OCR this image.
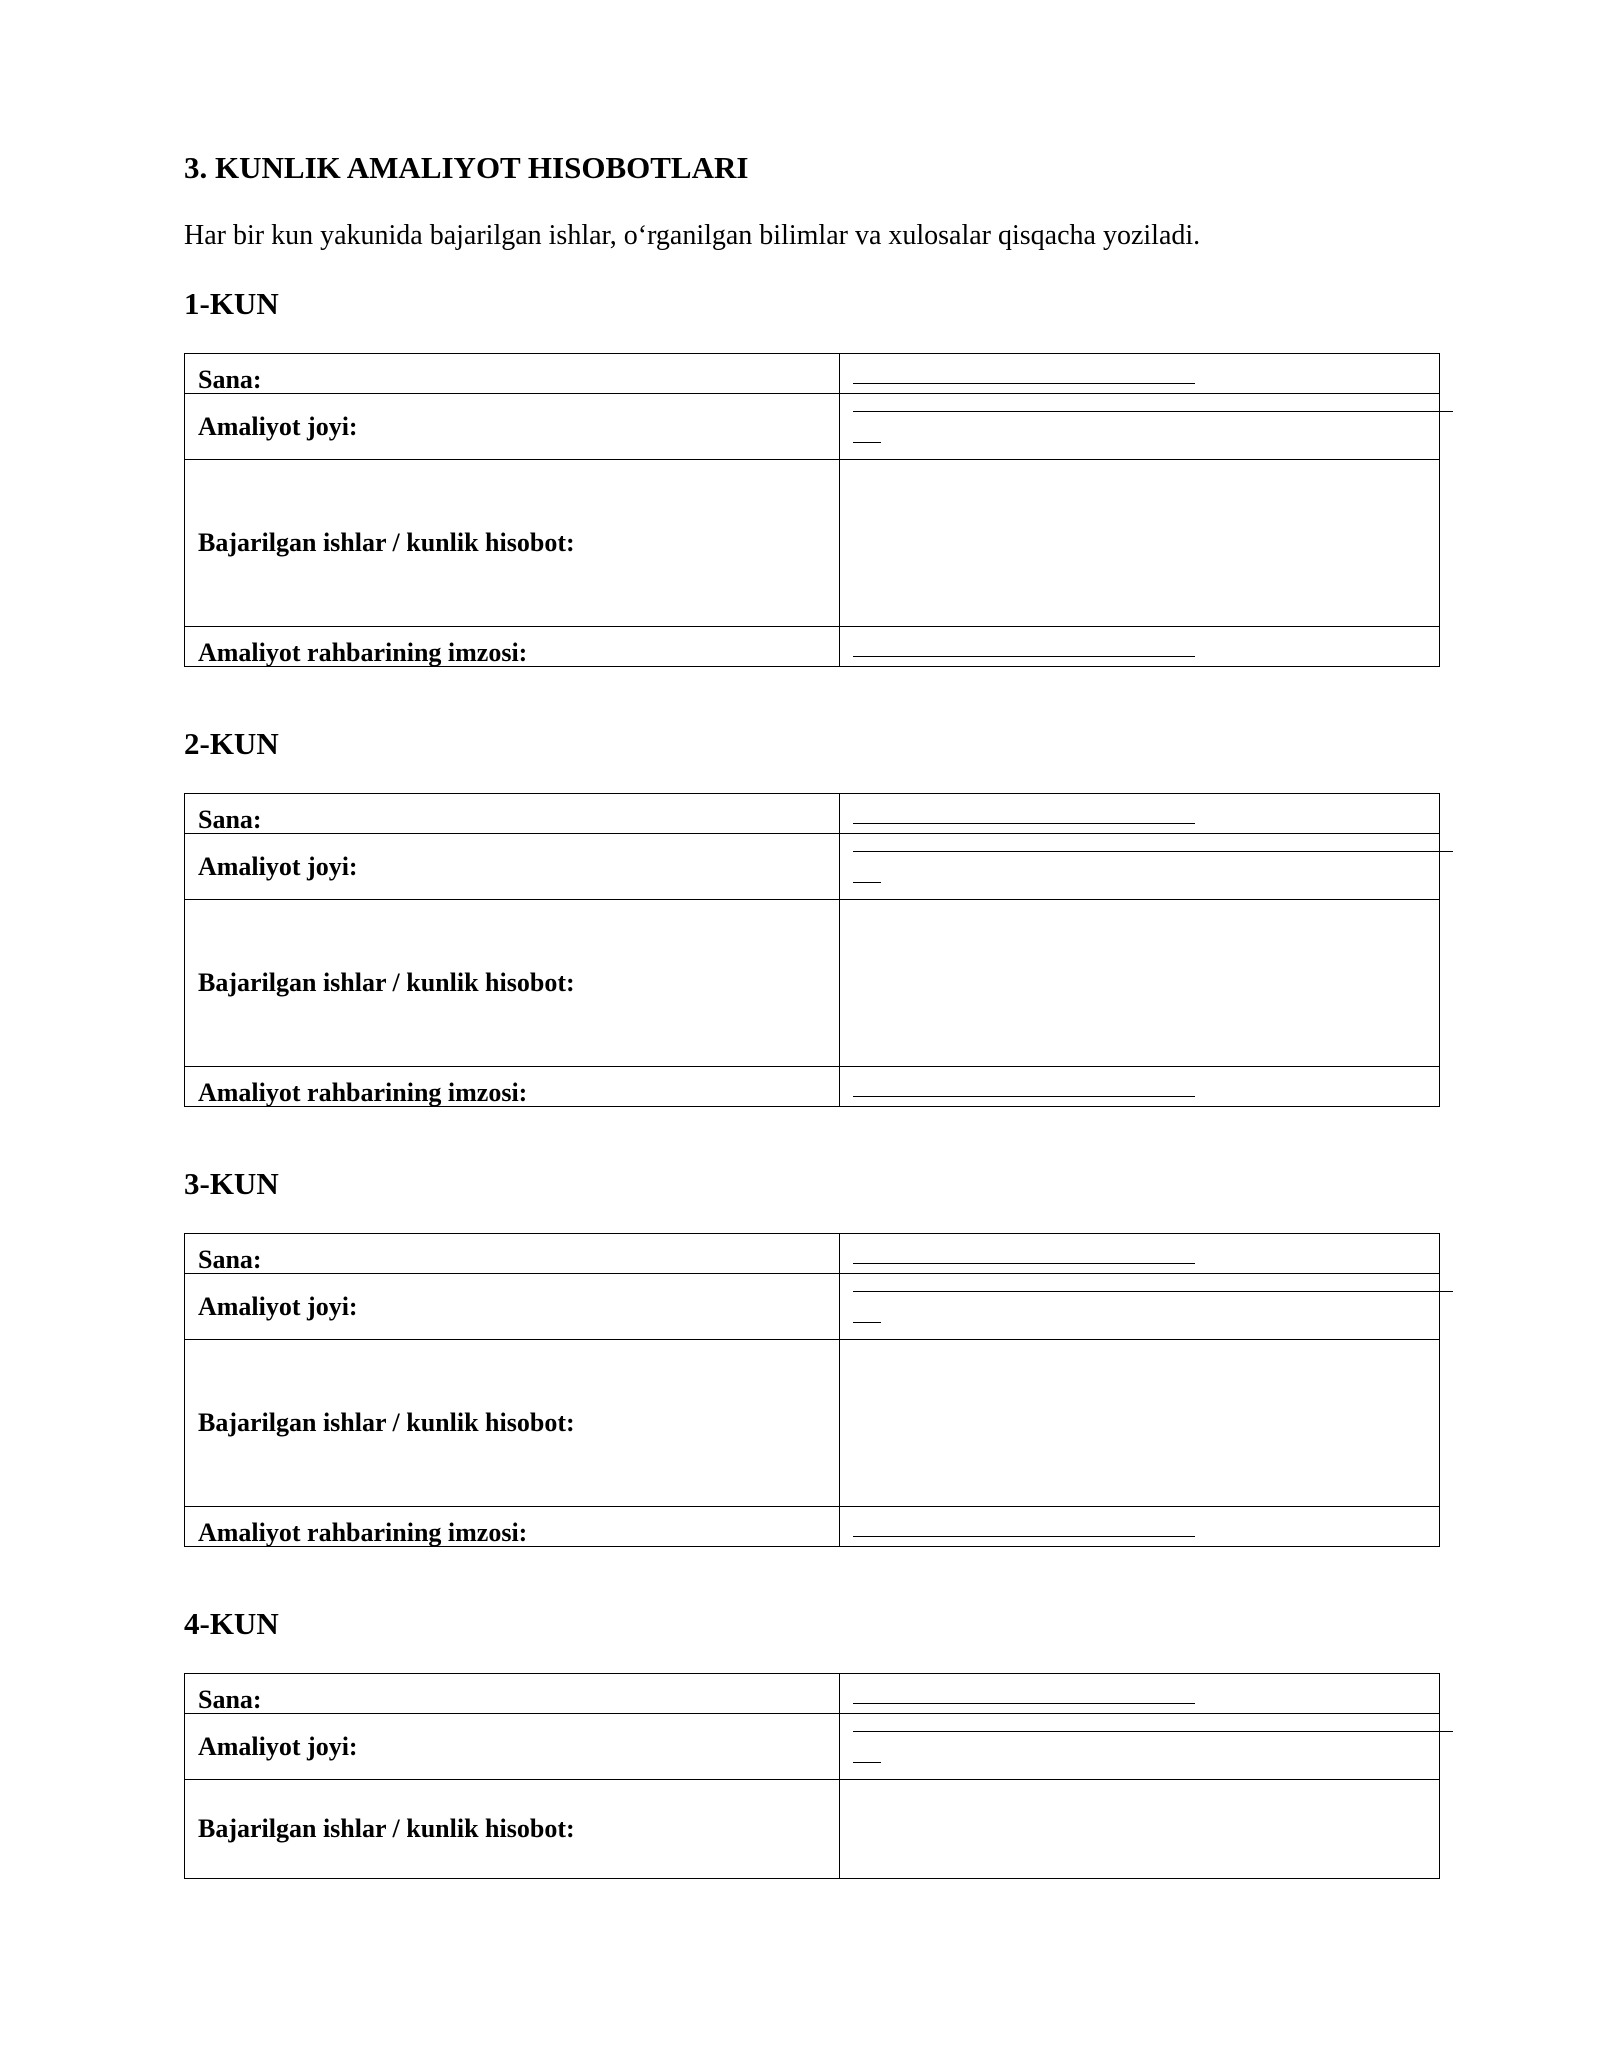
3. KUNLIK AMALIYOT HISOBOTLARI

Har bir kun yakunida bajarilgan ishlar, o‘rganilgan bilimlar va xulosalar qisqacha yoziladi.

1-KUN
Sana:	

Amaliyot joyi:	

Bajarilgan ishlar / kunlik hisobot:	
Amaliyot rahbarining imzosi:	
2-KUN
Sana:	

Amaliyot joyi:	

Bajarilgan ishlar / kunlik hisobot:	
Amaliyot rahbarining imzosi:	
3-KUN
Sana:	

Amaliyot joyi:	

Bajarilgan ishlar / kunlik hisobot:	
Amaliyot rahbarining imzosi:	
4-KUN
Sana:	

Amaliyot joyi:	

Bajarilgan ishlar / kunlik hisobot:	
